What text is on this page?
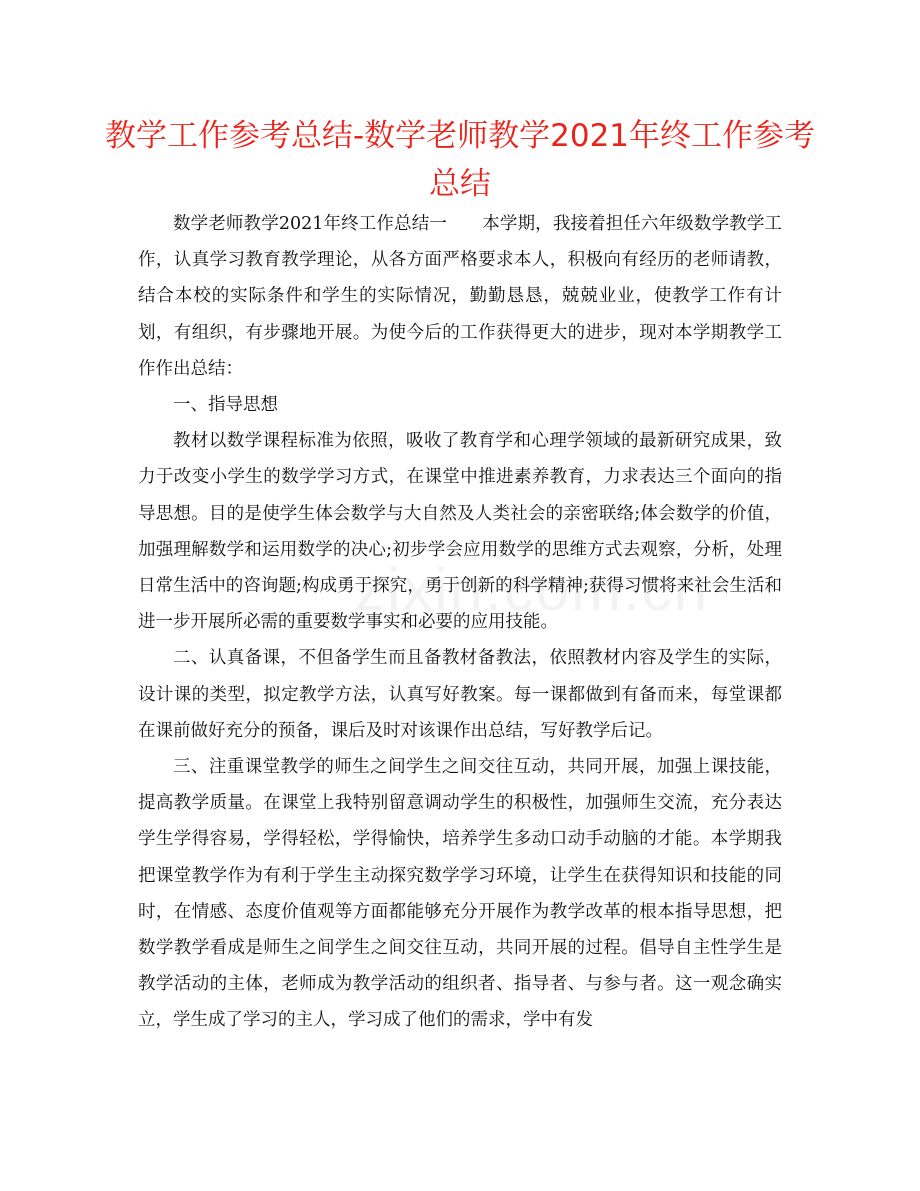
教学工作参考总结-数学老师教学2021年终工作参考总结

数学老师教学2021年终工作总结一　　本学期，我接着担任六年级数学教学工作，认真学习教育教学理论，从各方面严格要求本人，积极向有经历的老师请教，结合本校的实际条件和学生的实际情况，勤勤恳恳，兢兢业业，使教学工作有计划，有组织，有步骤地开展。为使今后的工作获得更大的进步，现对本学期教学工作作出总结：

一、指导思想

教材以数学课程标准为依照，吸收了教育学和心理学领域的最新研究成果，致力于改变小学生的数学学习方式，在课堂中推进素养教育，力求表达三个面向的指导思想。目的是使学生体会数学与大自然及人类社会的亲密联络;体会数学的价值，加强理解数学和运用数学的决心;初步学会应用数学的思维方式去观察，分析，处理日常生活中的咨询题;构成勇于探究，勇于创新的科学精神;获得习惯将来社会生活和进一步开展所必需的重要数学事实和必要的应用技能。

二、认真备课，不但备学生而且备教材备教法，依照教材内容及学生的实际，设计课的类型，拟定教学方法，认真写好教案。每一课都做到有备而来，每堂课都在课前做好充分的预备，课后及时对该课作出总结，写好教学后记。

三、注重课堂教学的师生之间学生之间交往互动，共同开展，加强上课技能，提高教学质量。在课堂上我特别留意调动学生的积极性，加强师生交流，充分表达学生学得容易，学得轻松，学得愉快，培养学生多动口动手动脑的才能。本学期我把课堂教学作为有利于学生主动探究数学学习环境，让学生在获得知识和技能的同时，在情感、态度价值观等方面都能够充分开展作为教学改革的根本指导思想，把数学教学看成是师生之间学生之间交往互动，共同开展的过程。倡导自主性学生是教学活动的主体，老师成为教学活动的组织者、指导者、与参与者。这一观念确实立，学生成了学习的主人，学习成了他们的需求，学中有发
